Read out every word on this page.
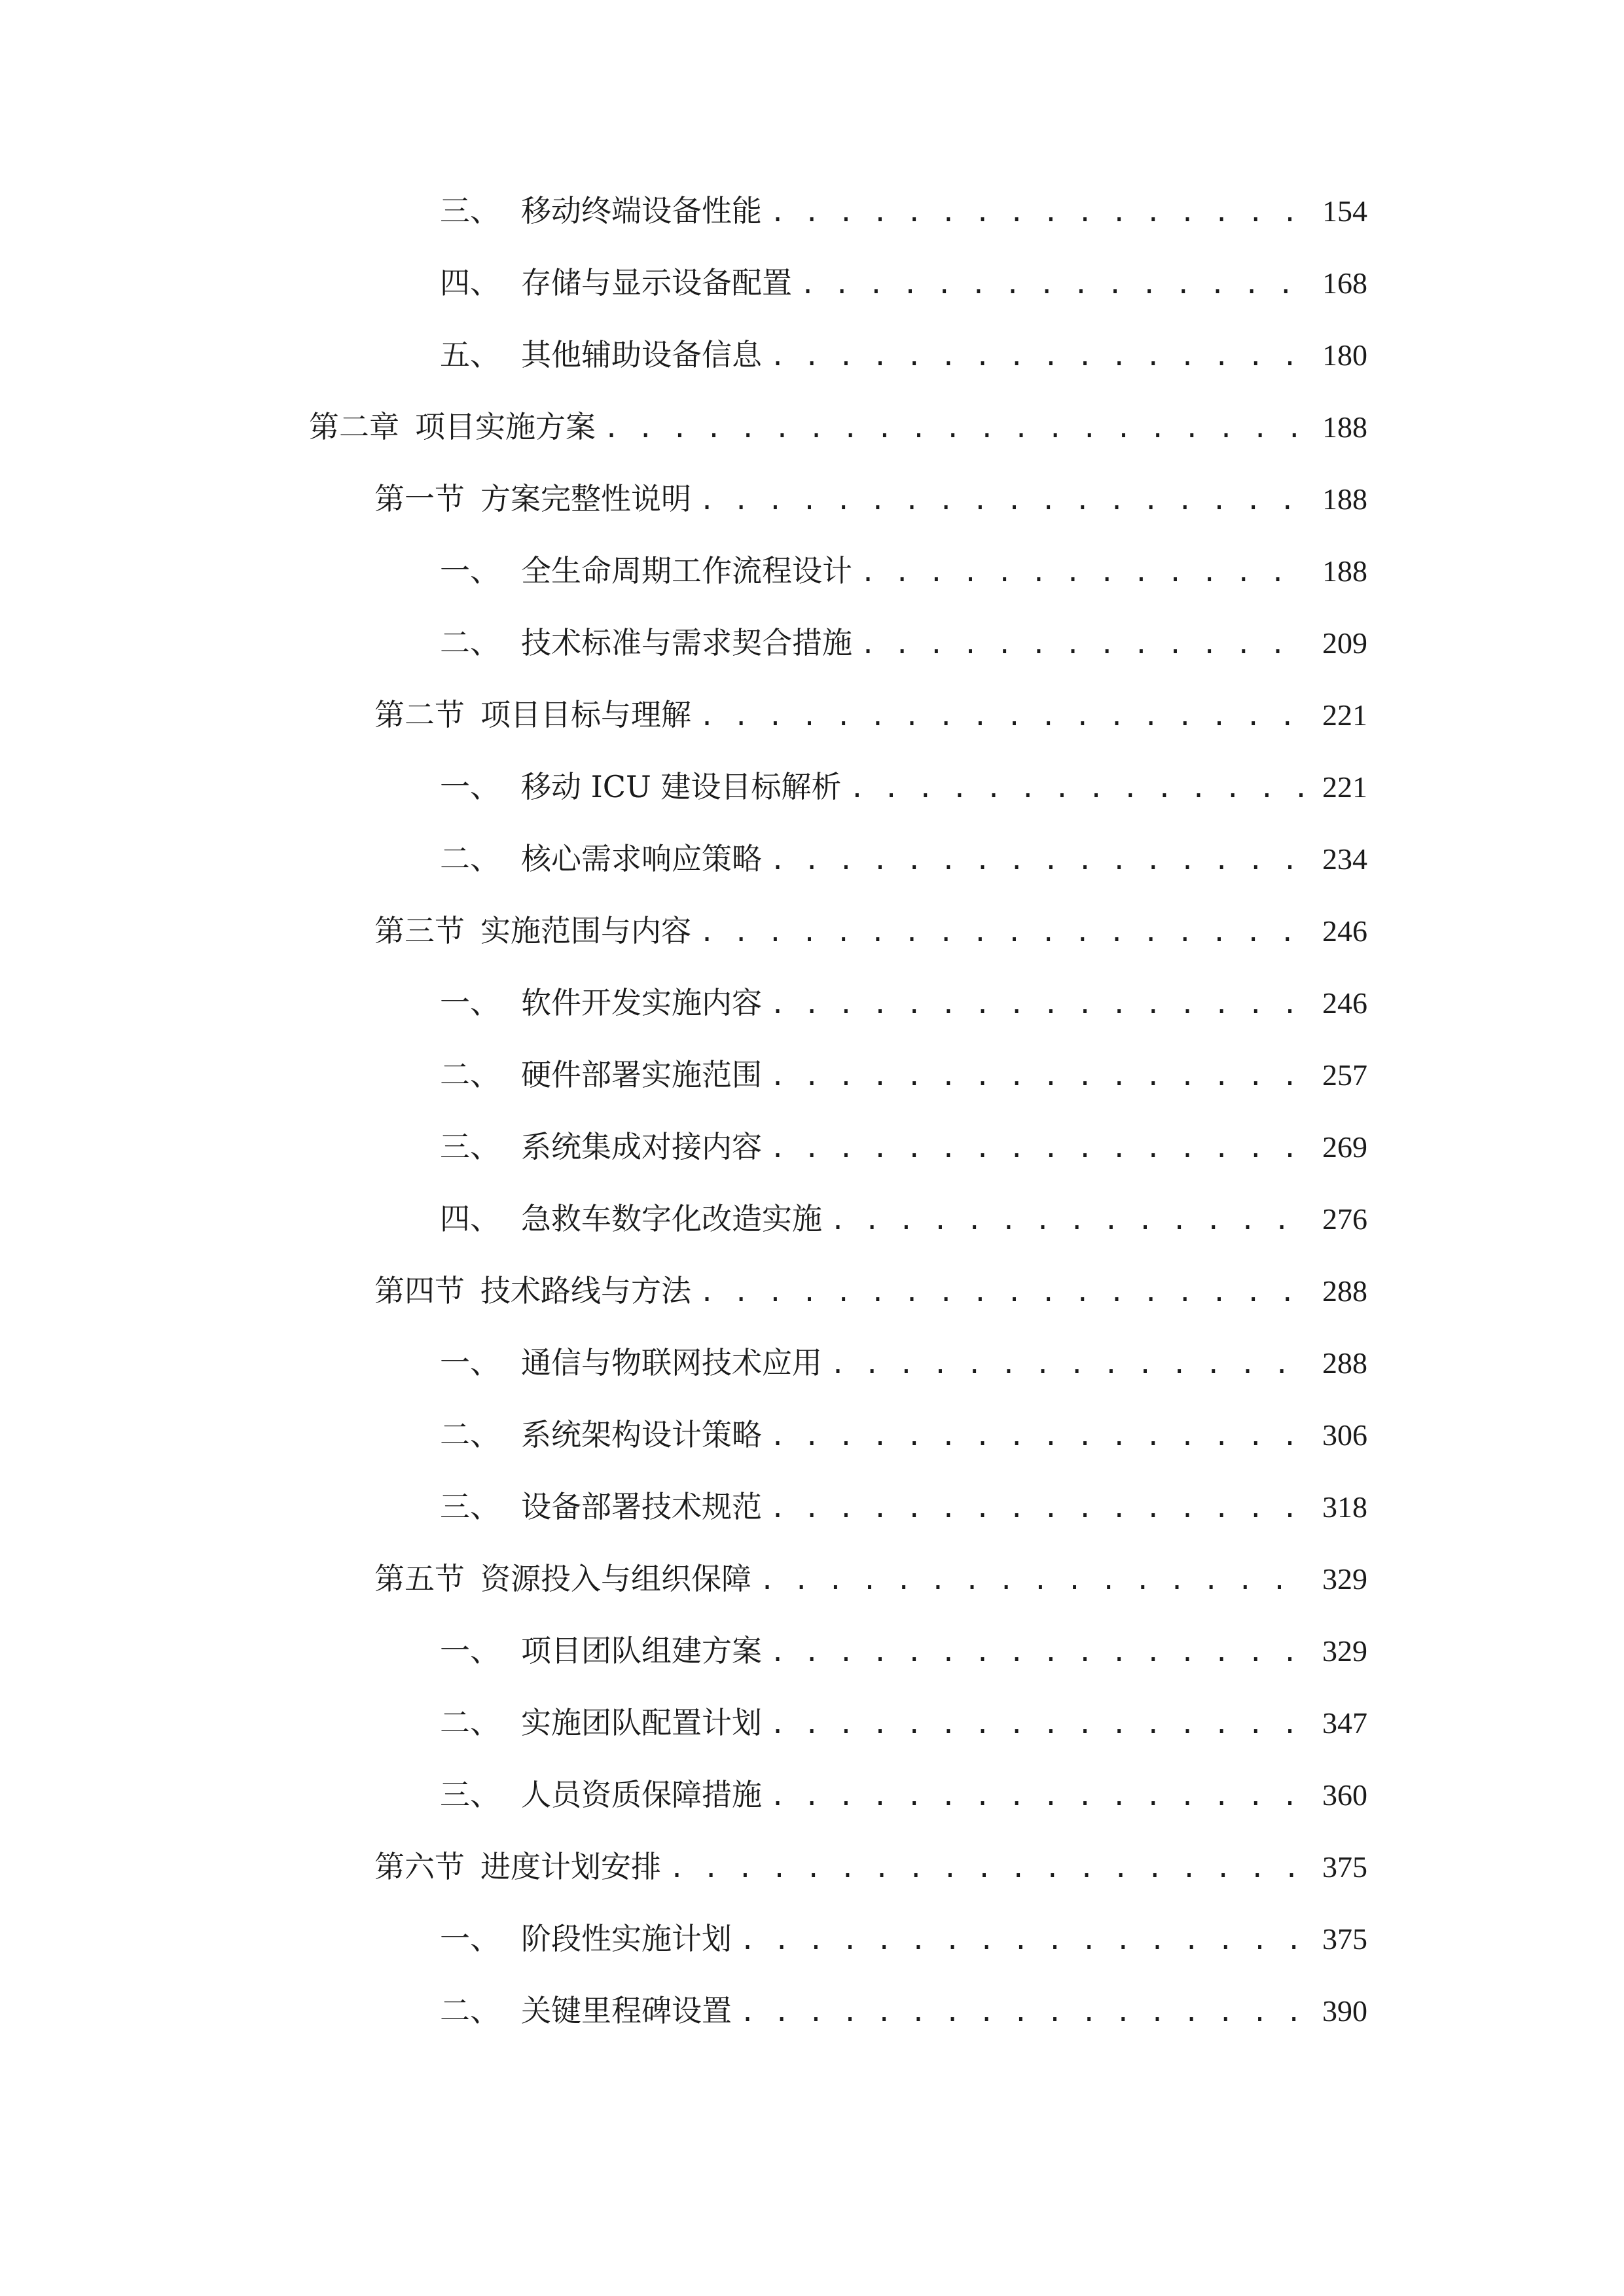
三、 移动终端设备性能 . . .	154
四、 存储与显示设备配置 . . .	168
五、 其他辅助设备信息 . . .	180
第二章 项目实施方案 . . .	188
第一节 方案完整性说明 . . .	188
一、 全生命周期工作流程设计 . . .	188
二、 技术标准与需求契合措施 . . .	209
第二节 项目目标与理解 . . .	221
一、 移动 ICU 建设目标解析 . . .	221
二、 核心需求响应策略 . . .	234
第三节 实施范围与内容 . . .	246
一、 软件开发实施内容 . . .	246
二、 硬件部署实施范围 . . .	257
三、 系统集成对接内容 . . .	269
四、 急救车数字化改造实施 . . .	276
第四节 技术路线与方法 . . .	288
一、 通信与物联网技术应用 . . .	288
二、 系统架构设计策略 . . .	306
三、 设备部署技术规范 . . .	318
第五节 资源投入与组织保障 . . .	329
一、 项目团队组建方案 . . .	329
二、 实施团队配置计划 . . .	347
三、 人员资质保障措施 . . .	360
第六节 进度计划安排 . . .	375
一、 阶段性实施计划 . . .	375
二、 关键里程碑设置 . . .	390
